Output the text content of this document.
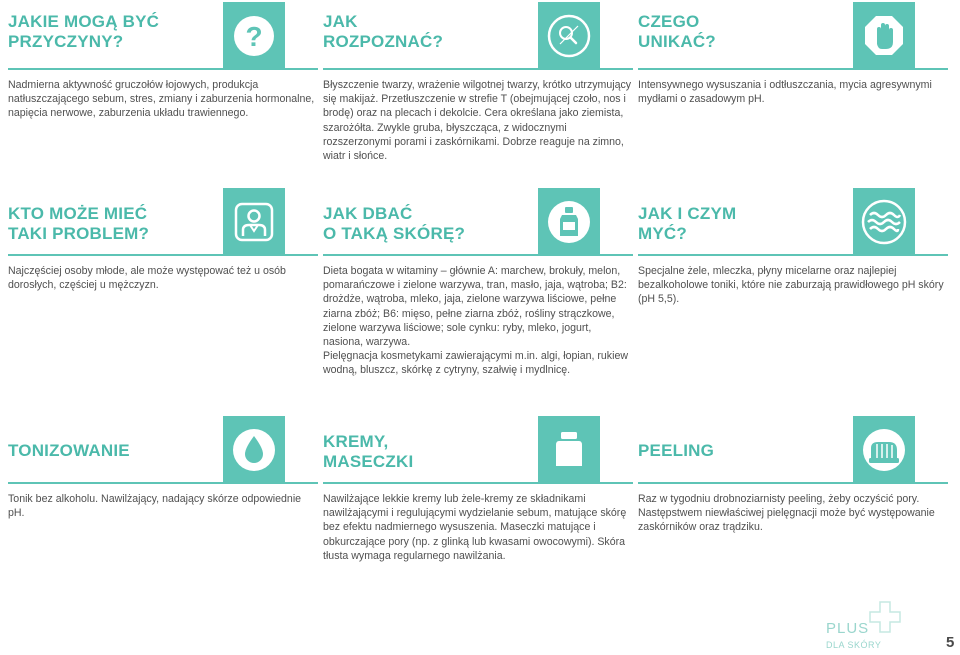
JAKIE MOGĄ BYĆ
PRZYCZYNY?	?

Nadmierna aktywność gruczołów łojowych, produkcja natłuszczającego sebum, stres, zmiany i zaburzenia hormonalne, napięcia nerwowe, zaburzenia układu trawiennego.

JAK
ROZPOZNAĆ?

Błyszczenie twarzy, wrażenie wilgotnej twarzy, krótko utrzymujący się makijaż. Przetłuszczenie w strefie T (obejmującej czoło, nos i brodę) oraz na plecach i dekolcie. Cera określana jako ziemista, szarożółta. Zwykle gruba, błyszcząca, z widocznymi rozszerzonymi porami i zaskórnikami. Dobrze reaguje na zimno, wiatr i słońce.

CZEGO
UNIKAĆ?

Intensywnego wysuszania i odtłuszczania, mycia agresywnymi mydłami o zasadowym pH.

KTO MOŻE MIEĆ
TAKI PROBLEM?

Najczęściej osoby młode, ale może występować też u osób dorosłych, częściej u mężczyzn.

JAK DBAĆ
O TAKĄ SKÓRĘ?

Dieta bogata w witaminy – głównie A: marchew, brokuły, melon, pomarańczowe i zielone warzywa, tran, masło, jaja, wątroba; B2: drożdże, wątroba, mleko, jaja, zielone warzywa liściowe, pełne ziarna zbóż; B6: mięso, pełne ziarna zbóż, rośliny strączkowe, zielone warzywa liściowe; sole cynku: ryby, mleko, jogurt, nasiona, warzywa.

Pielęgnacja kosmetykami zawierającymi m.in. algi, łopian, rukiew wodną, bluszcz, skórkę z cytryny, szałwię i mydlnicę.

JAK I CZYM
MYĆ?

Specjalne żele, mleczka, płyny micelarne oraz najlepiej bezalkoholowe toniki, które nie zaburzają prawidłowego pH skóry (pH 5,5).

TONIZOWANIE

Tonik bez alkoholu. Nawilżający, nadający skórze odpowiednie pH.

KREMY,
MASECZKI

Nawilżające lekkie kremy lub żele-kremy ze składnikami nawilżającymi i regulującymi wydzielanie sebum, matujące skórę bez efektu nadmiernego wysuszenia. Maseczki matujące i obkurczające pory (np. z glinką lub kwasami owocowymi). Skóra tłusta wymaga regularnego nawilżania.

PEELING

Raz w tygodniu drobnoziarnisty peeling, żeby oczyścić pory.

Następstwem niewłaściwej pielęgnacji może być występowanie zaskórników oraz trądziku.

PLUS
DLA SKÓRY	5
